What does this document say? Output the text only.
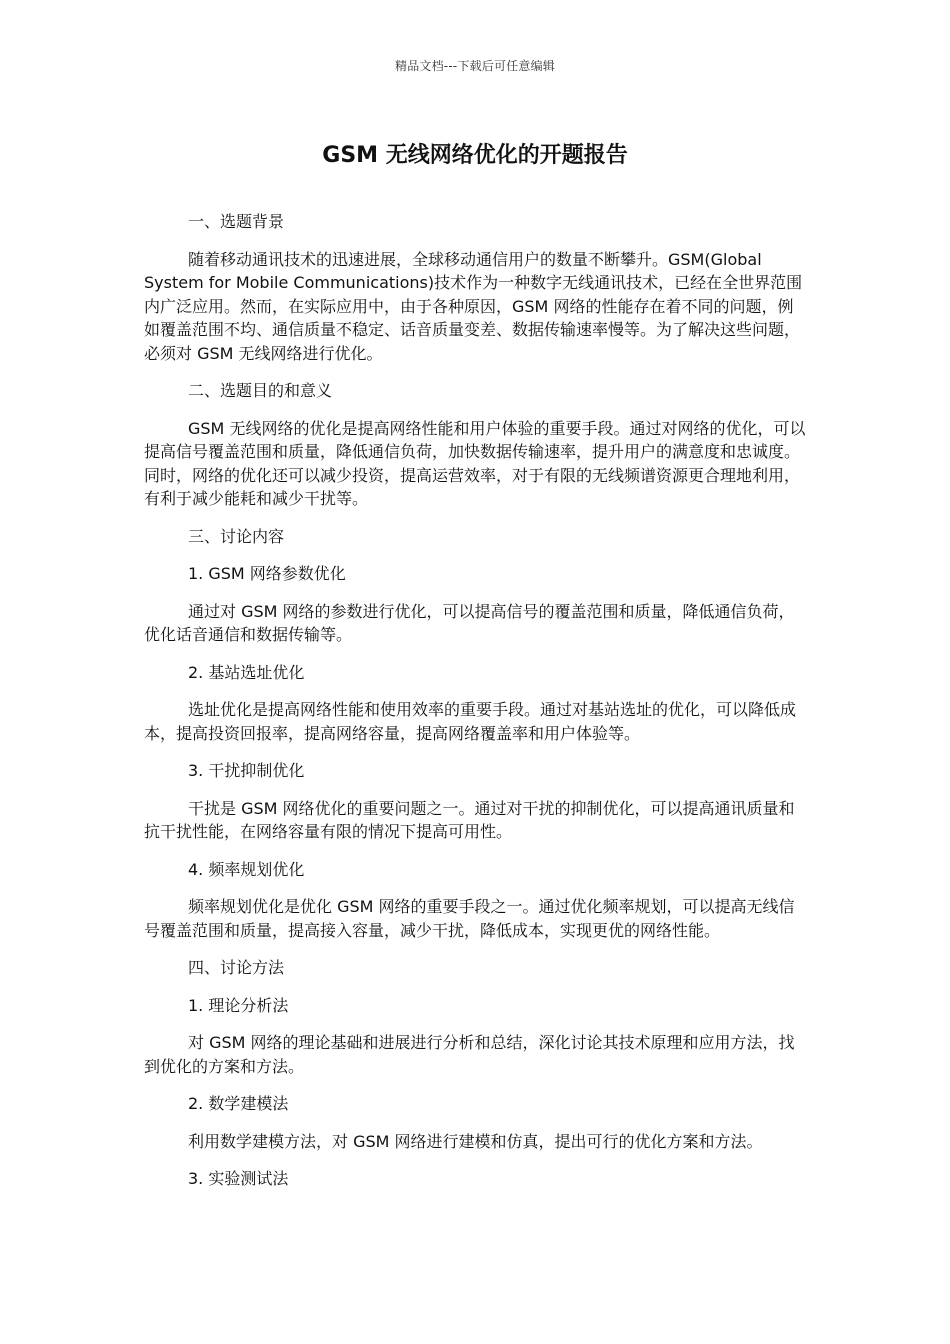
精品文档---下载后可任意编辑
GSM 无线网络优化的开题报告

一、选题背景

随着移动通讯技术的迅速进展，全球移动通信用户的数量不断攀升。GSM(Global System for Mobile Communications)技术作为一种数字无线通讯技术，已经在全世界范围内广泛应用。然而，在实际应用中，由于各种原因，GSM 网络的性能存在着不同的问题，例如覆盖范围不均、通信质量不稳定、话音质量变差、数据传输速率慢等。为了解决这些问题，必须对 GSM 无线网络进行优化。

二、选题目的和意义

GSM 无线网络的优化是提高网络性能和用户体验的重要手段。通过对网络的优化，可以提高信号覆盖范围和质量，降低通信负荷，加快数据传输速率，提升用户的满意度和忠诚度。同时，网络的优化还可以减少投资，提高运营效率，对于有限的无线频谱资源更合理地利用，有利于减少能耗和减少干扰等。

三、讨论内容

1. GSM 网络参数优化

通过对 GSM 网络的参数进行优化，可以提高信号的覆盖范围和质量，降低通信负荷，优化话音通信和数据传输等。

2. 基站选址优化

选址优化是提高网络性能和使用效率的重要手段。通过对基站选址的优化，可以降低成本，提高投资回报率，提高网络容量，提高网络覆盖率和用户体验等。

3. 干扰抑制优化

干扰是 GSM 网络优化的重要问题之一。通过对干扰的抑制优化，可以提高通讯质量和抗干扰性能，在网络容量有限的情况下提高可用性。

4. 频率规划优化

频率规划优化是优化 GSM 网络的重要手段之一。通过优化频率规划，可以提高无线信号覆盖范围和质量，提高接入容量，减少干扰，降低成本，实现更优的网络性能。

四、讨论方法

1. 理论分析法

对 GSM 网络的理论基础和进展进行分析和总结，深化讨论其技术原理和应用方法，找到优化的方案和方法。

2. 数学建模法

利用数学建模方法，对 GSM 网络进行建模和仿真，提出可行的优化方案和方法。

3. 实验测试法
